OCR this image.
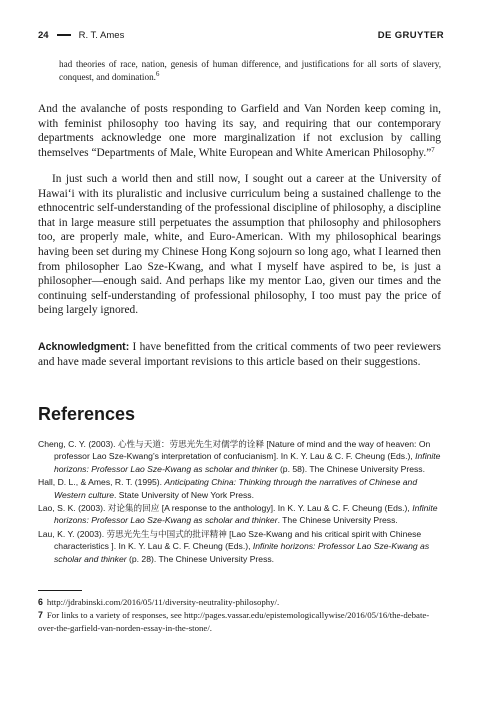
24	R. T. Ames	DE GRUYTER
had theories of race, nation, genesis of human difference, and justifications for all sorts of slavery, conquest, and domination.$^6$
And the avalanche of posts responding to Garfield and Van Norden keep coming in, with feminist philosophy too having its say, and requiring that our contemporary departments acknowledge one more marginalization if not exclusion by calling themselves “Departments of Male, White European and White American Philosophy.”$^7$
In just such a world then and still now, I sought out a career at the University of Hawai‘i with its pluralistic and inclusive curriculum being a sustained challenge to the ethnocentric self-understanding of the professional discipline of philosophy, a discipline that in large measure still perpetuates the assumption that philosophy and philosophers too, are properly male, white, and Euro-American. With my philosophical bearings having been set during my Chinese Hong Kong sojourn so long ago, what I learned then from philosopher Lao Sze-Kwang, and what I myself have aspired to be, is just a philosopher—enough said. And perhaps like my mentor Lao, given our times and the continuing self-understanding of professional philosophy, I too must pay the price of being largely ignored.
Acknowledgment: I have benefitted from the critical comments of two peer reviewers and have made several important revisions to this article based on their suggestions.
References
Cheng, C. Y. (2003). 心性与天道：劳思光先生对儒学的诠释 [Nature of mind and the way of heaven: On professor Lao Sze-Kwang’s interpretation of confucianism]. In K. Y. Lau & C. F. Cheung (Eds.), Infinite horizons: Professor Lao Sze-Kwang as scholar and thinker (p. 58). The Chinese University Press.
Hall, D. L., & Ames, R. T. (1995). Anticipating China: Thinking through the narratives of Chinese and Western culture. State University of New York Press.
Lao, S. K. (2003). 对论集的回应 [A response to the anthology]. In K. Y. Lau & C. F. Cheung (Eds.), Infinite horizons: Professor Lao Sze-Kwang as scholar and thinker. The Chinese University Press.
Lau, K. Y. (2003). 劳思光先生与中国式的批评精神 [Lao Sze-Kwang and his critical spirit with Chinese characteristics ]. In K. Y. Lau & C. F. Cheung (Eds.), Infinite horizons: Professor Lao Sze-Kwang as scholar and thinker (p. 28). The Chinese University Press.
6 http://jdrabinski.com/2016/05/11/diversity-neutrality-philosophy/.
7 For links to a variety of responses, see http://pages.vassar.edu/epistemologicallywise/2016/05/16/the-debate-over-the-garfield-van-norden-essay-in-the-stone/.
